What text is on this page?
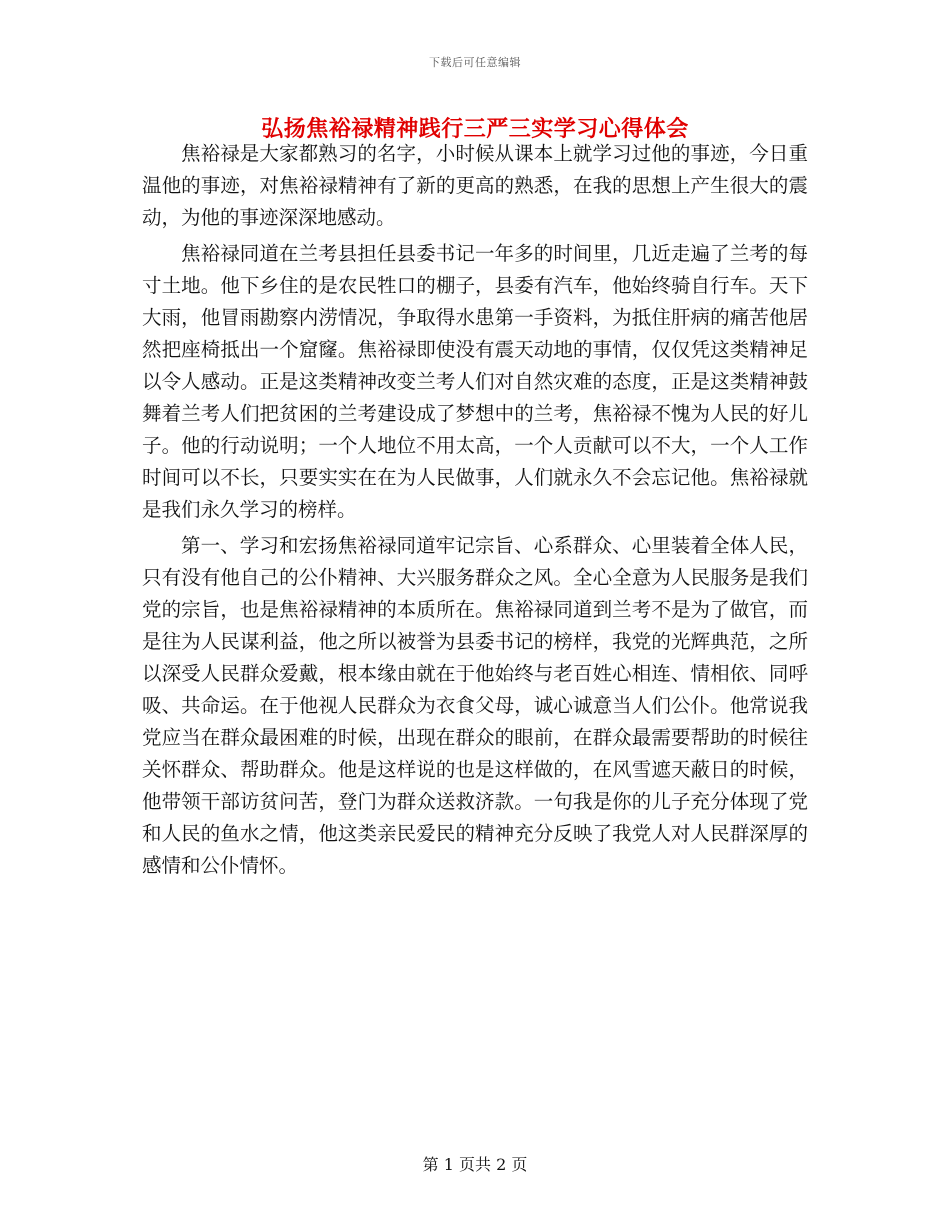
下载后可任意编辑
弘扬焦裕禄精神践行三严三实学习心得体会

焦裕禄是大家都熟习的名字，小时候从课本上就学习过他的事迹，今日重温他的事迹，对焦裕禄精神有了新的更高的熟悉，在我的思想上产生很大的震动，为他的事迹深深地感动。

焦裕禄同道在兰考县担任县委书记一年多的时间里，几近走遍了兰考的每寸土地。他下乡住的是农民牲口的棚子，县委有汽车，他始终骑自行车。天下大雨，他冒雨勘察内涝情况，争取得水患第一手资料，为抵住肝病的痛苦他居然把座椅抵出一个窟窿。焦裕禄即使没有震天动地的事情，仅仅凭这类精神足以令人感动。正是这类精神改变兰考人们对自然灾难的态度，正是这类精神鼓舞着兰考人们把贫困的兰考建设成了梦想中的兰考，焦裕禄不愧为人民的好儿子。他的行动说明；一个人地位不用太高，一个人贡献可以不大，一个人工作时间可以不长，只要实实在在为人民做事，人们就永久不会忘记他。焦裕禄就是我们永久学习的榜样。

第一、学习和宏扬焦裕禄同道牢记宗旨、心系群众、心里装着全体人民，只有没有他自己的公仆精神、大兴服务群众之风。全心全意为人民服务是我们党的宗旨，也是焦裕禄精神的本质所在。焦裕禄同道到兰考不是为了做官，而是往为人民谋利益，他之所以被誉为县委书记的榜样，我党的光辉典范，之所以深受人民群众爱戴，根本缘由就在于他始终与老百姓心相连、情相依、同呼吸、共命运。在于他视人民群众为衣食父母，诚心诚意当人们公仆。他常说我党应当在群众最困难的时候，出现在群众的眼前，在群众最需要帮助的时候往关怀群众、帮助群众。他是这样说的也是这样做的，在风雪遮天蔽日的时候，他带领干部访贫问苦，登门为群众送救济款。一句我是你的儿子充分体现了党和人民的鱼水之情，他这类亲民爱民的精神充分反映了我党人对人民群深厚的感情和公仆情怀。

第 1 页共 2 页
